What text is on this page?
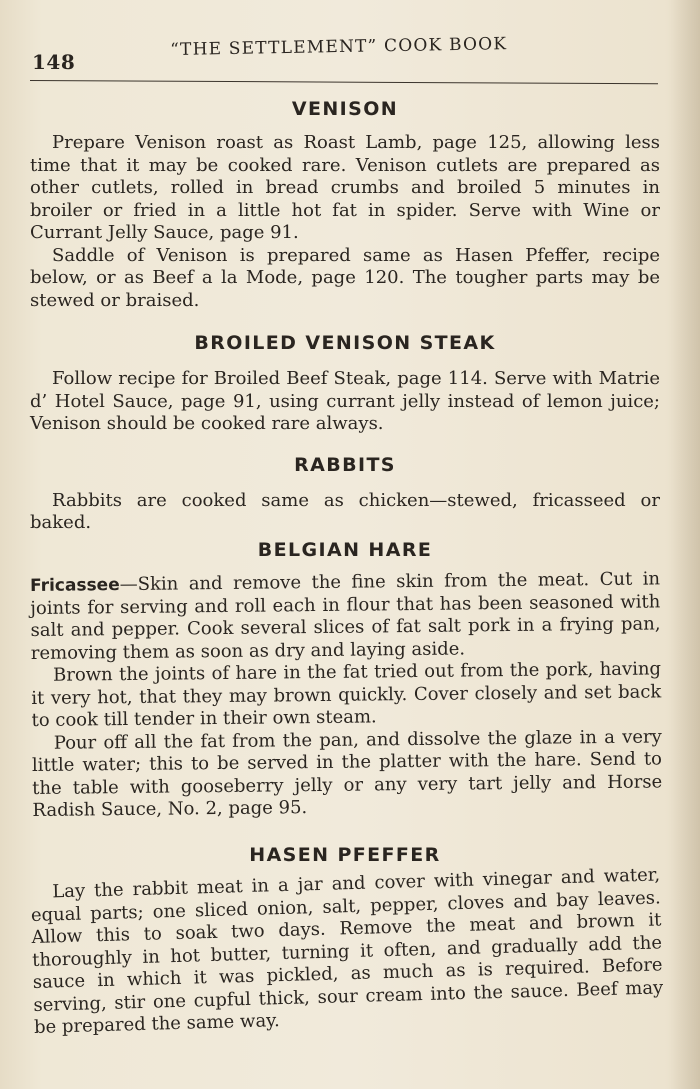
148
“THE SETTLEMENT” COOK BOOK
VENISON

Prepare Venison roast as Roast Lamb, page 125, allowing less time that it may be cooked rare. Venison cutlets are prepared as other cutlets, rolled in bread crumbs and broiled 5 minutes in broiler or fried in a little hot fat in spider. Serve with Wine or Currant Jelly Sauce, page 91.

Saddle of Venison is prepared same as Hasen Pfeffer, recipe below, or as Beef a la Mode, page 120. The tougher parts may be stewed or braised.

BROILED VENISON STEAK

Follow recipe for Broiled Beef Steak, page 114. Serve with Matrie d’ Hotel Sauce, page 91, using currant jelly instead of lemon juice; Venison should be cooked rare always.

RABBITS

Rabbits are cooked same as chicken—stewed, fricasseed or baked.

BELGIAN HARE

Fricassee—Skin and remove the fine skin from the meat. Cut in joints for serving and roll each in flour that has been seasoned with salt and pepper. Cook several slices of fat salt pork in a frying pan, removing them as soon as dry and laying aside.

Brown the joints of hare in the fat tried out from the pork, having it very hot, that they may brown quickly. Cover closely and set back to cook till tender in their own steam.

Pour off all the fat from the pan, and dissolve the glaze in a very little water; this to be served in the platter with the hare. Send to the table with gooseberry jelly or any very tart jelly and Horse Radish Sauce, No. 2, page 95.

HASEN PFEFFER

Lay the rabbit meat in a jar and cover with vinegar and water, equal parts; one sliced onion, salt, pepper, cloves and bay leaves. Allow this to soak two days. Remove the meat and brown it thoroughly in hot butter, turning it often, and gradually add the sauce in which it was pickled, as much as is required. Before serving, stir one cupful thick, sour cream into the sauce. Beef may be prepared the same way.
